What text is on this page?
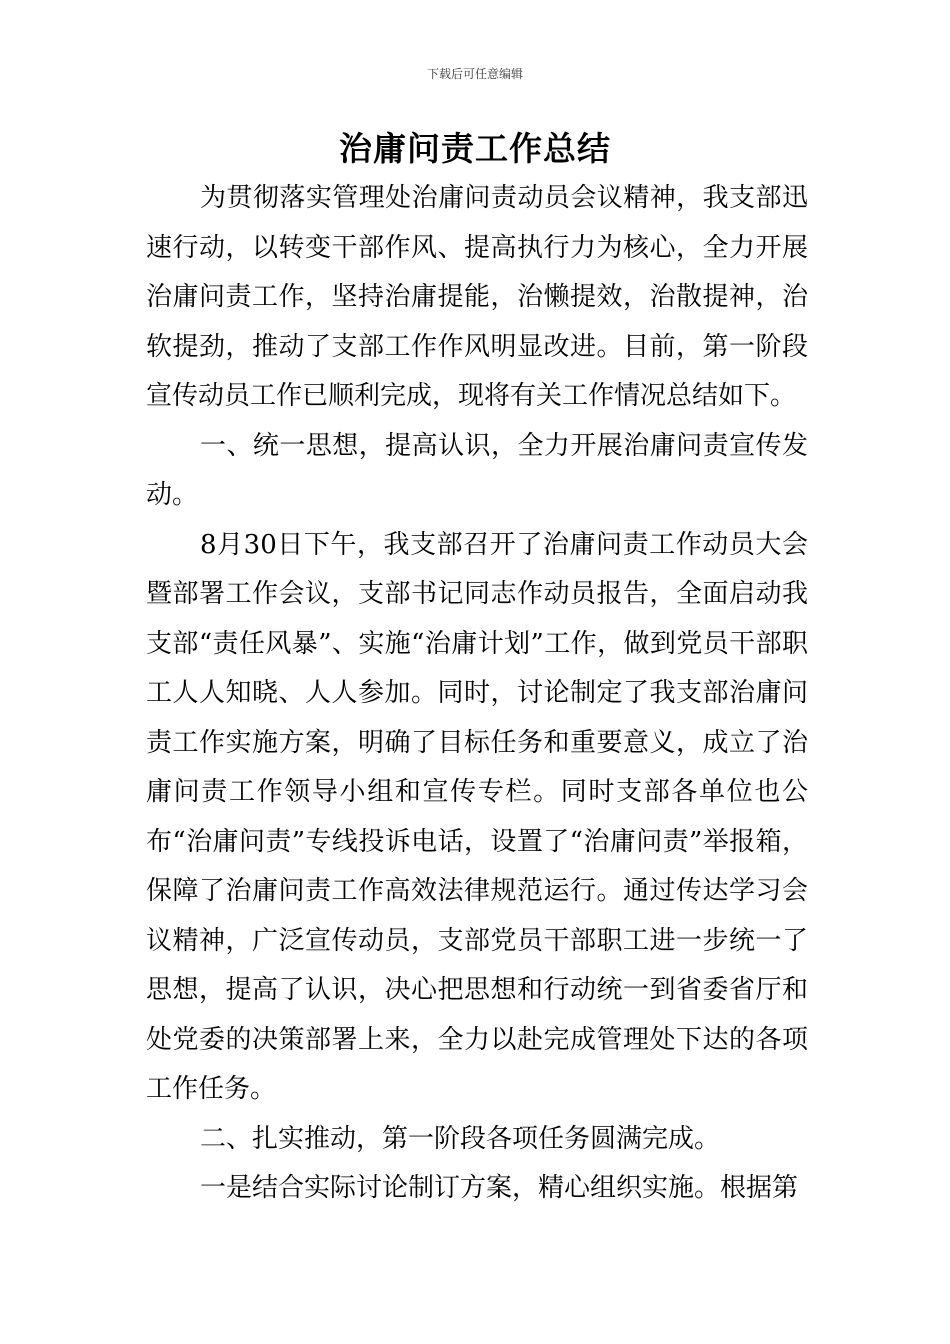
下载后可任意编辑
治庸问责工作总结

为贯彻落实管理处治庸问责动员会议精神，我支部迅速行动，以转变干部作风、提高执行力为核心，全力开展治庸问责工作，坚持治庸提能，治懒提效，治散提神，治软提劲，推动了支部工作作风明显改进。目前，第一阶段宣传动员工作已顺利完成，现将有关工作情况总结如下。

一、统一思想，提高认识，全力开展治庸问责宣传发动。

8月30日下午，我支部召开了治庸问责工作动员大会暨部署工作会议，支部书记同志作动员报告，全面启动我支部“责任风暴”、实施“治庸计划”工作，做到党员干部职工人人知晓、人人参加。同时，讨论制定了我支部治庸问责工作实施方案，明确了目标任务和重要意义，成立了治庸问责工作领导小组和宣传专栏。同时支部各单位也公布“治庸问责”专线投诉电话，设置了“治庸问责”举报箱，保障了治庸问责工作高效法律规范运行。通过传达学习会议精神，广泛宣传动员，支部党员干部职工进一步统一了思想，提高了认识，决心把思想和行动统一到省委省厅和处党委的决策部署上来，全力以赴完成管理处下达的各项工作任务。

二、扎实推动，第一阶段各项任务圆满完成。

一是结合实际讨论制订方案，精心组织实施。根据第
